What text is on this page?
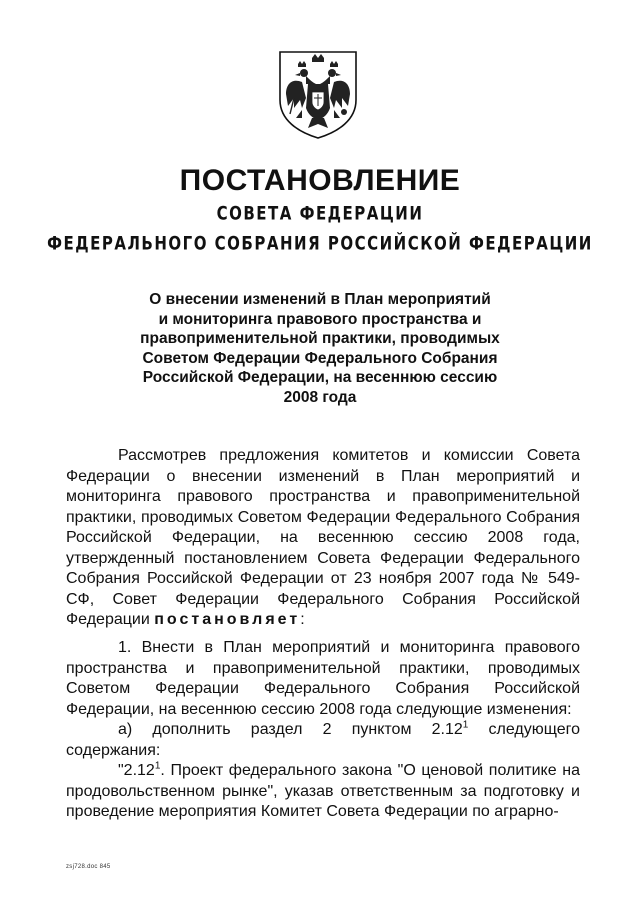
ПОСТАНОВЛЕНИЕ
СОВЕТА ФЕДЕРАЦИИ
ФЕДЕРАЛЬНОГО СОБРАНИЯ РОССИЙСКОЙ ФЕДЕРАЦИИ
О внесении изменений в План мероприятий
и мониторинга правового пространства и
правоприменительной практики, проводимых
Советом Федерации Федерального Собрания
Российской Федерации, на весеннюю сессию
2008 года

Рассмотрев предложения комитетов и комиссии Совета Федерации о внесении изменений в План мероприятий и мониторинга правового пространства и правоприменительной практики, проводимых Советом Федерации Федерального Собрания Российской Федерации, на весеннюю сессию 2008 года, утвержденный постановлением Совета Федерации Федерального Собрания Российской Федерации от 23 ноября 2007 года № 549-СФ, Совет Федерации Федерального Собрания Российской Федерации постановляет:

1. Внести в План мероприятий и мониторинга правового пространства и правоприменительной практики, проводимых Советом Федерации Федерального Собрания Российской Федерации, на весеннюю сессию 2008 года следующие изменения:

а) дополнить раздел 2 пунктом 2.12$^1$ следующего содержания:

"2.12$^1$. Проект федерального закона "О ценовой политике на продовольственном рынке", указав ответственным за подготовку и проведение мероприятия Комитет Совета Федерации по аграрно-

zsj728.doc 845
